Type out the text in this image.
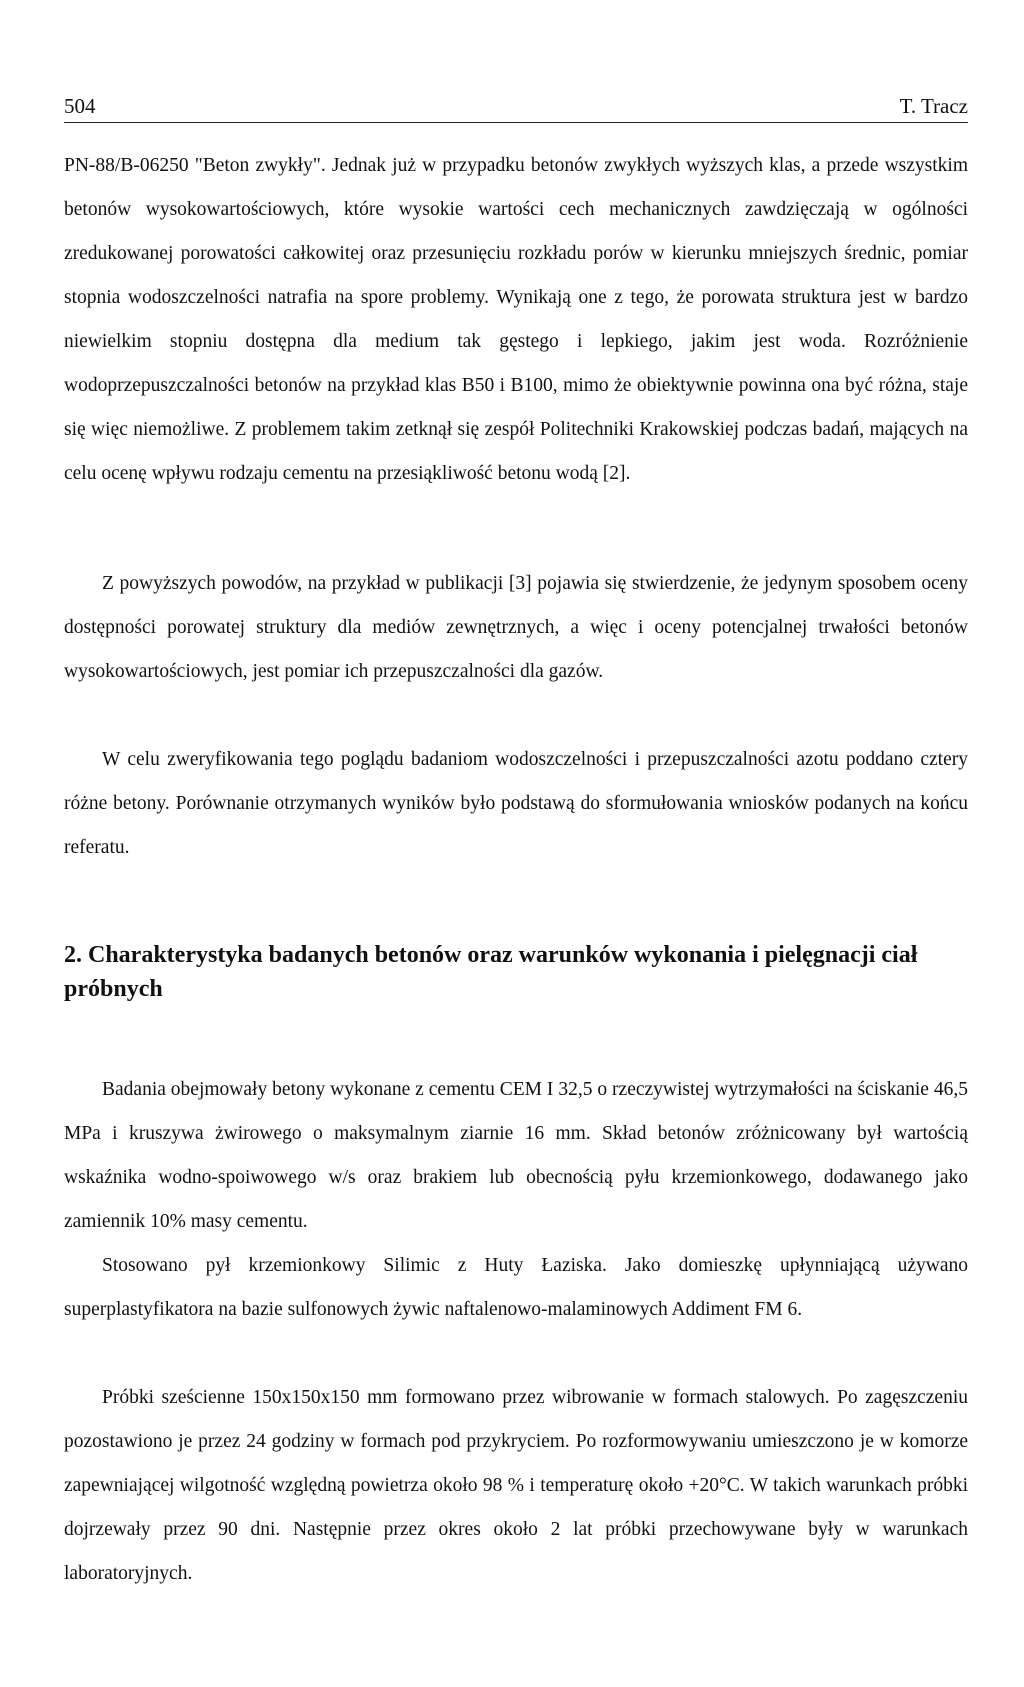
504	T. Tracz

PN-88/B-06250 "Beton zwykły". Jednak już w przypadku betonów zwykłych wyższych klas, a przede wszystkim betonów wysokowartościowych, które wysokie wartości cech mechanicznych zawdzięczają w ogólności zredukowanej porowatości całkowitej oraz przesunięciu rozkładu porów w kierunku mniejszych średnic, pomiar stopnia wodoszczelności natrafia na spore problemy. Wynikają one z tego, że porowata struktura jest w bardzo niewielkim stopniu dostępna dla medium tak gęstego i lepkiego, jakim jest woda. Rozróżnienie wodoprzepuszczalności betonów na przykład klas B50 i B100, mimo że obiektywnie powinna ona być różna, staje się więc niemożliwe. Z problemem takim zetknął się zespół Politechniki Krakowskiej podczas badań, mających na celu ocenę wpływu rodzaju cementu na przesiąkliwość betonu wodą [2].

Z powyższych powodów, na przykład w publikacji [3] pojawia się stwierdzenie, że jedynym sposobem oceny dostępności porowatej struktury dla mediów zewnętrznych, a więc i oceny potencjalnej trwałości betonów wysokowartościowych, jest pomiar ich przepuszczalności dla gazów.

W celu zweryfikowania tego poglądu badaniom wodoszczelności i przepuszczalności azotu poddano cztery różne betony. Porównanie otrzymanych wyników było podstawą do sformułowania wniosków podanych na końcu referatu.

2. Charakterystyka badanych betonów oraz warunków wykonania i pielęgnacji ciał próbnych

Badania obejmowały betony wykonane z cementu CEM I 32,5 o rzeczywistej wytrzymałości na ściskanie 46,5 MPa i kruszywa żwirowego o maksymalnym ziarnie 16 mm. Skład betonów zróżnicowany był wartością wskaźnika wodno-spoiwowego w/s oraz brakiem lub obecnością pyłu krzemionkowego, dodawanego jako zamiennik 10% masy cementu.

Stosowano pył krzemionkowy Silimic z Huty Łaziska. Jako domieszkę upłynniającą używano superplastyfikatora na bazie sulfonowych żywic naftalenowo-malaminowych Addiment FM 6.

Próbki sześcienne 150x150x150 mm formowano przez wibrowanie w formach stalowych. Po zagęszczeniu pozostawiono je przez 24 godziny w formach pod przykryciem. Po rozformowywaniu umieszczono je w komorze zapewniającej wilgotność względną powietrza około 98 % i temperaturę około +20°C. W takich warunkach próbki dojrzewały przez 90 dni. Następnie przez okres około 2 lat próbki przechowywane były w warunkach laboratoryjnych.
